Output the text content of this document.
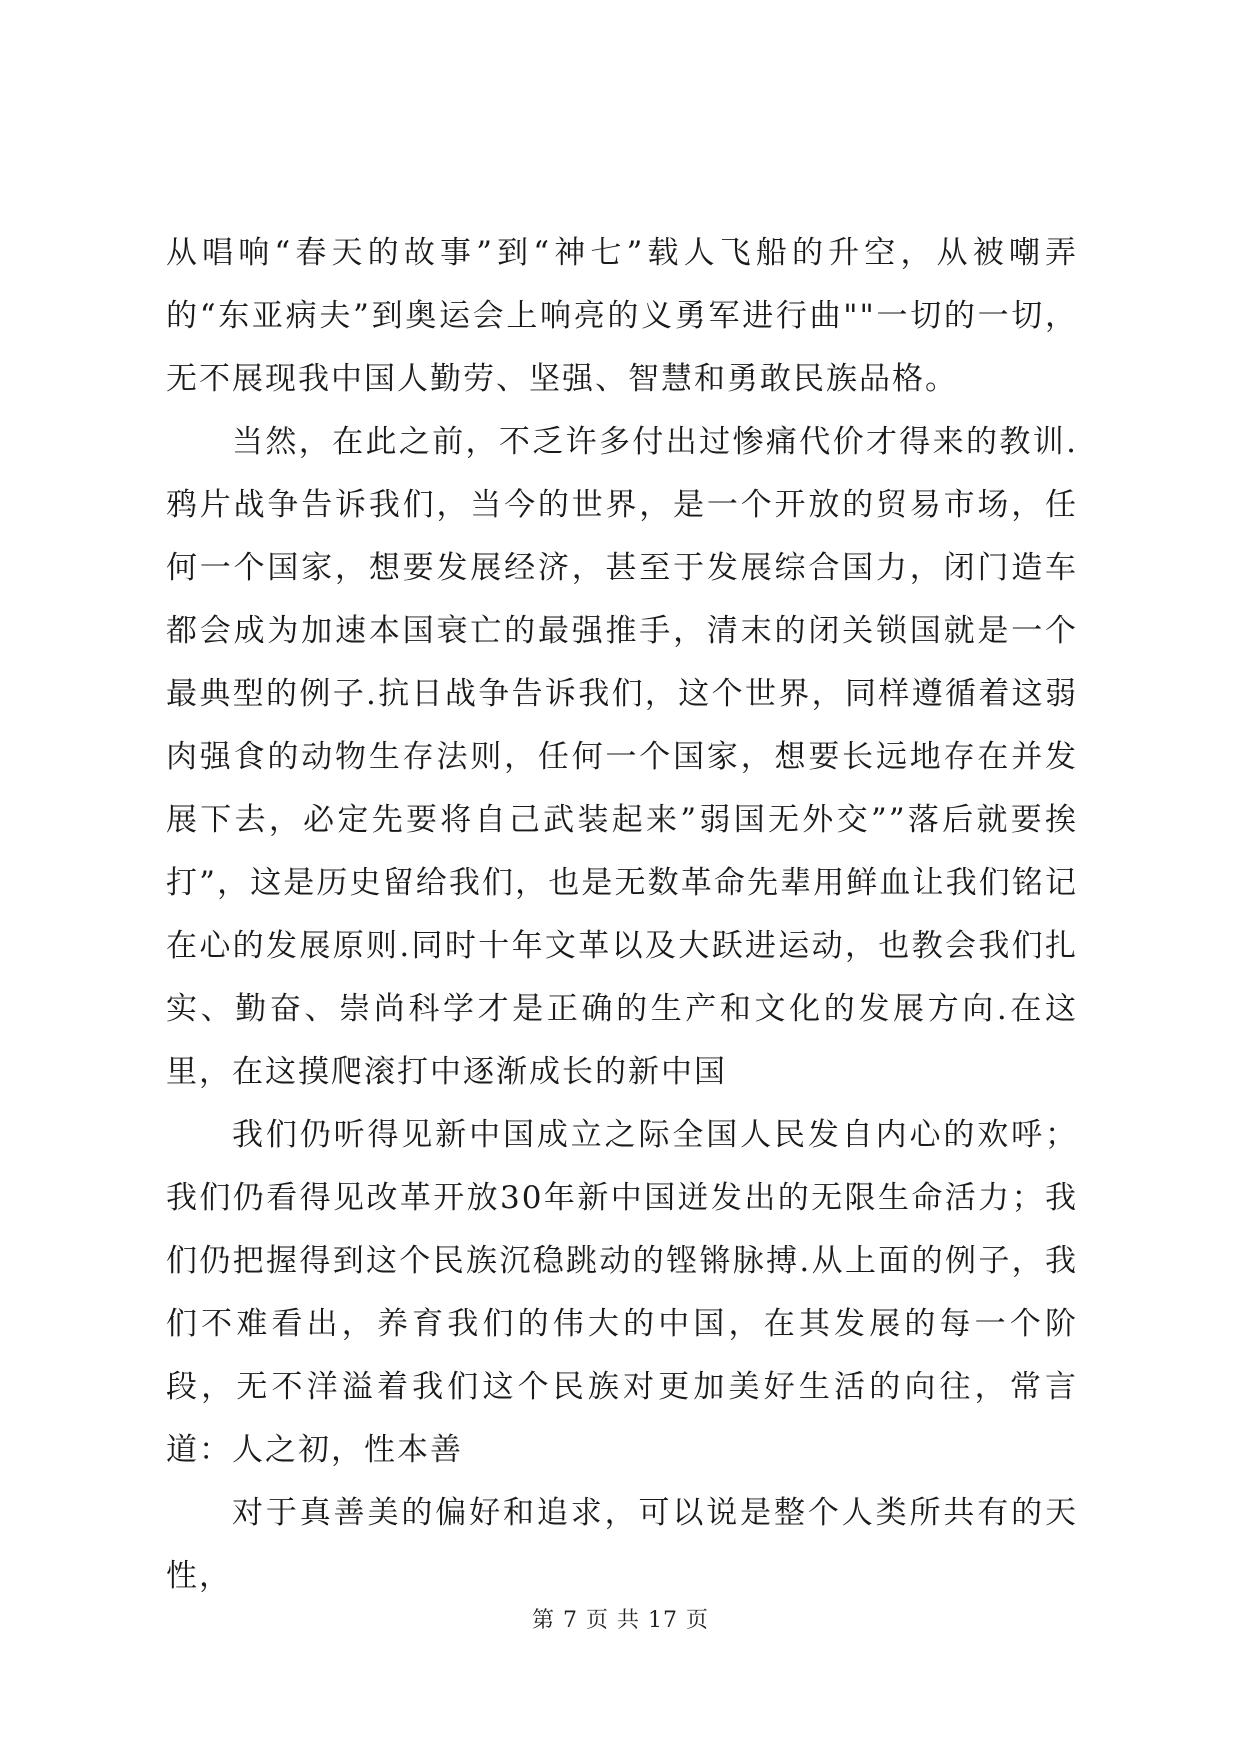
从唱响“春天的故事”到“神七”载人飞船的升空，从被嘲弄的“东亚病夫”到奥运会上响亮的义勇军进行曲""一切的一切，无不展现我中国人勤劳、坚强、智慧和勇敢民族品格。

当然，在此之前，不乏许多付出过惨痛代价才得来的教训.鸦片战争告诉我们，当今的世界，是一个开放的贸易市场，任何一个国家，想要发展经济，甚至于发展综合国力，闭门造车都会成为加速本国衰亡的最强推手，清末的闭关锁国就是一个最典型的例子.抗日战争告诉我们，这个世界，同样遵循着这弱肉强食的动物生存法则，任何一个国家，想要长远地存在并发展下去，必定先要将自己武装起来”弱国无外交””落后就要挨打”，这是历史留给我们，也是无数革命先辈用鲜血让我们铭记在心的发展原则.同时十年文革以及大跃进运动，也教会我们扎实、勤奋、崇尚科学才是正确的生产和文化的发展方向.在这里，在这摸爬滚打中逐渐成长的新中国

我们仍听得见新中国成立之际全国人民发自内心的欢呼；我们仍看得见改革开放30年新中国迸发出的无限生命活力；我们仍把握得到这个民族沉稳跳动的铿锵脉搏.从上面的例子，我们不难看出，养育我们的伟大的中国，在其发展的每一个阶段，无不洋溢着我们这个民族对更加美好生活的向往，常言道：人之初，性本善

对于真善美的偏好和追求，可以说是整个人类所共有的天性，

第 7 页 共 17 页
